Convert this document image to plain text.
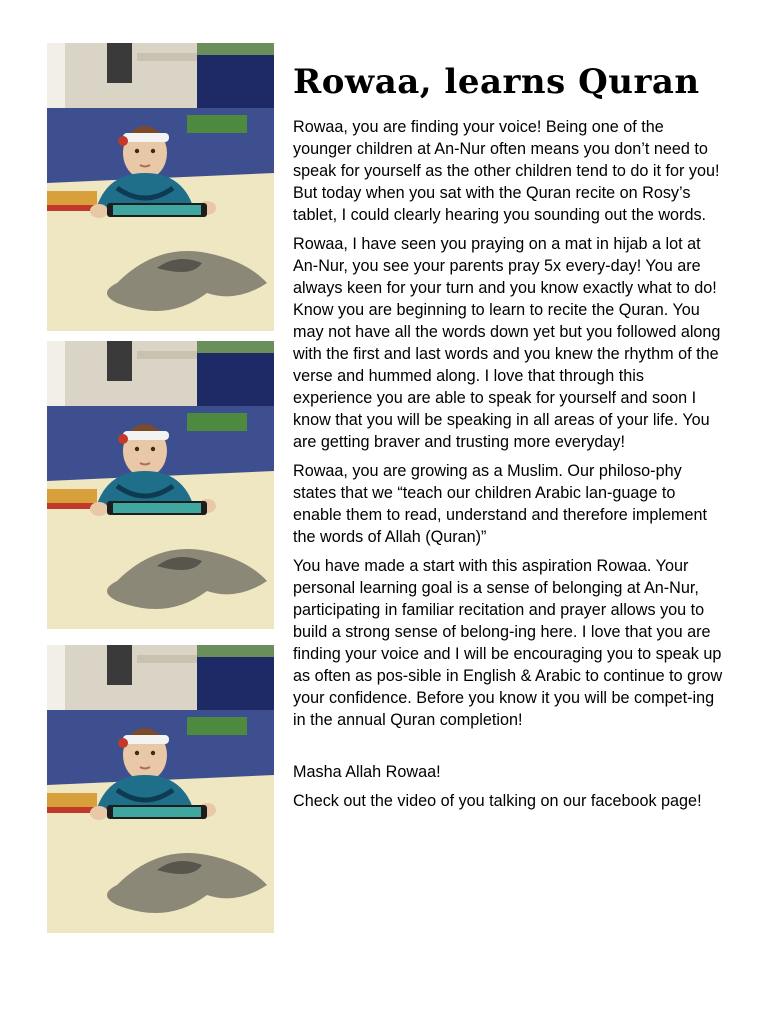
Rowaa, learns Quran

Rowaa, you are finding your voice! Being one of the younger children at An-Nur often means you don’t need to speak for yourself as the other children tend to do it for you! But today when you sat with the Quran recite on Rosy’s tablet, I could clearly hearing you sounding out the words.

Rowaa, I have seen you praying on a mat in hijab a lot at An-Nur, you see your parents pray 5x every-day! You are always keen for your turn and you know exactly what to do! Know you are beginning to learn to recite the Quran. You may not have all the words down yet but you followed along with the first and last words and you knew the rhythm of the verse and hummed along. I love that through this experience you are able to speak for yourself and soon I know that you will be speaking in all areas of your life. You are getting braver and trusting more everyday!

Rowaa, you are growing as a Muslim. Our philoso-phy states that we “teach our children Arabic lan-guage to enable them to read, understand and therefore implement the words of Allah (Quran)”

You have made a start with this aspiration Rowaa. Your personal learning goal is a sense of belonging at An-Nur, participating in familiar recitation and prayer allows you to build a strong sense of belong-ing here. I love that you are finding your voice and I will be encouraging you to speak up as often as pos-sible in English & Arabic to continue to grow your confidence. Before you know it you will be compet-ing in the annual Quran completion!

Masha Allah Rowaa!

Check out the video of you talking on our facebook page!
